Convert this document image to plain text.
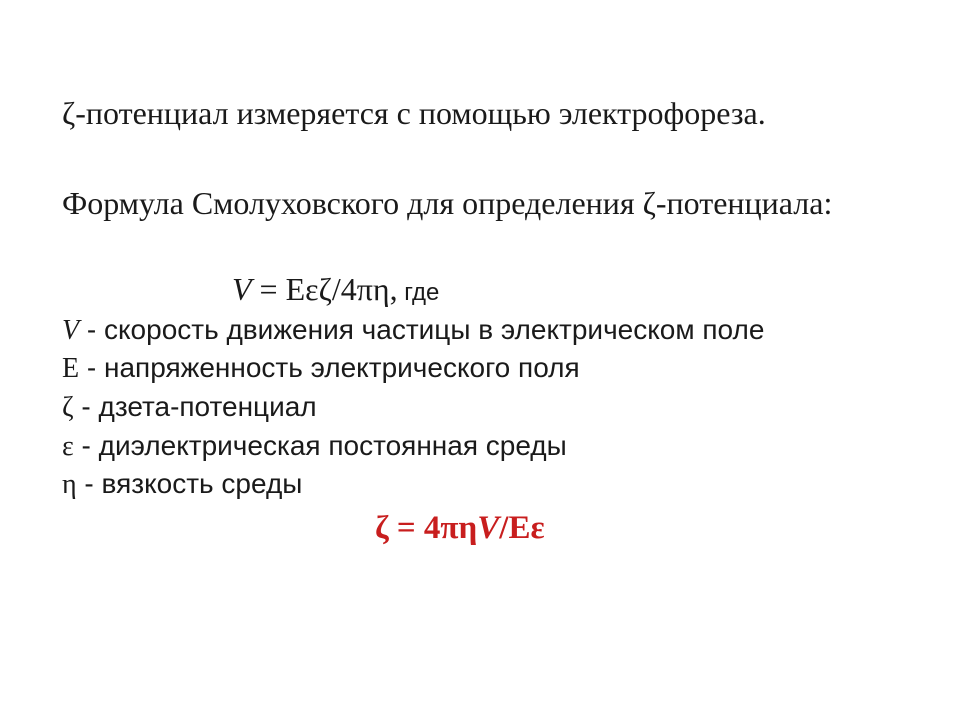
ζ-потенциал измеряется с помощью электрофореза.

Формула Смолуховского для определения ζ-потенциала:

V = Eεζ/4πη, где
V - скорость движения частицы в электрическом поле
E - напряженность электрического поля
ζ - дзета-потенциал
ε - диэлектрическая постоянная среды
η - вязкость среды
ζ = 4πηV/Eε
